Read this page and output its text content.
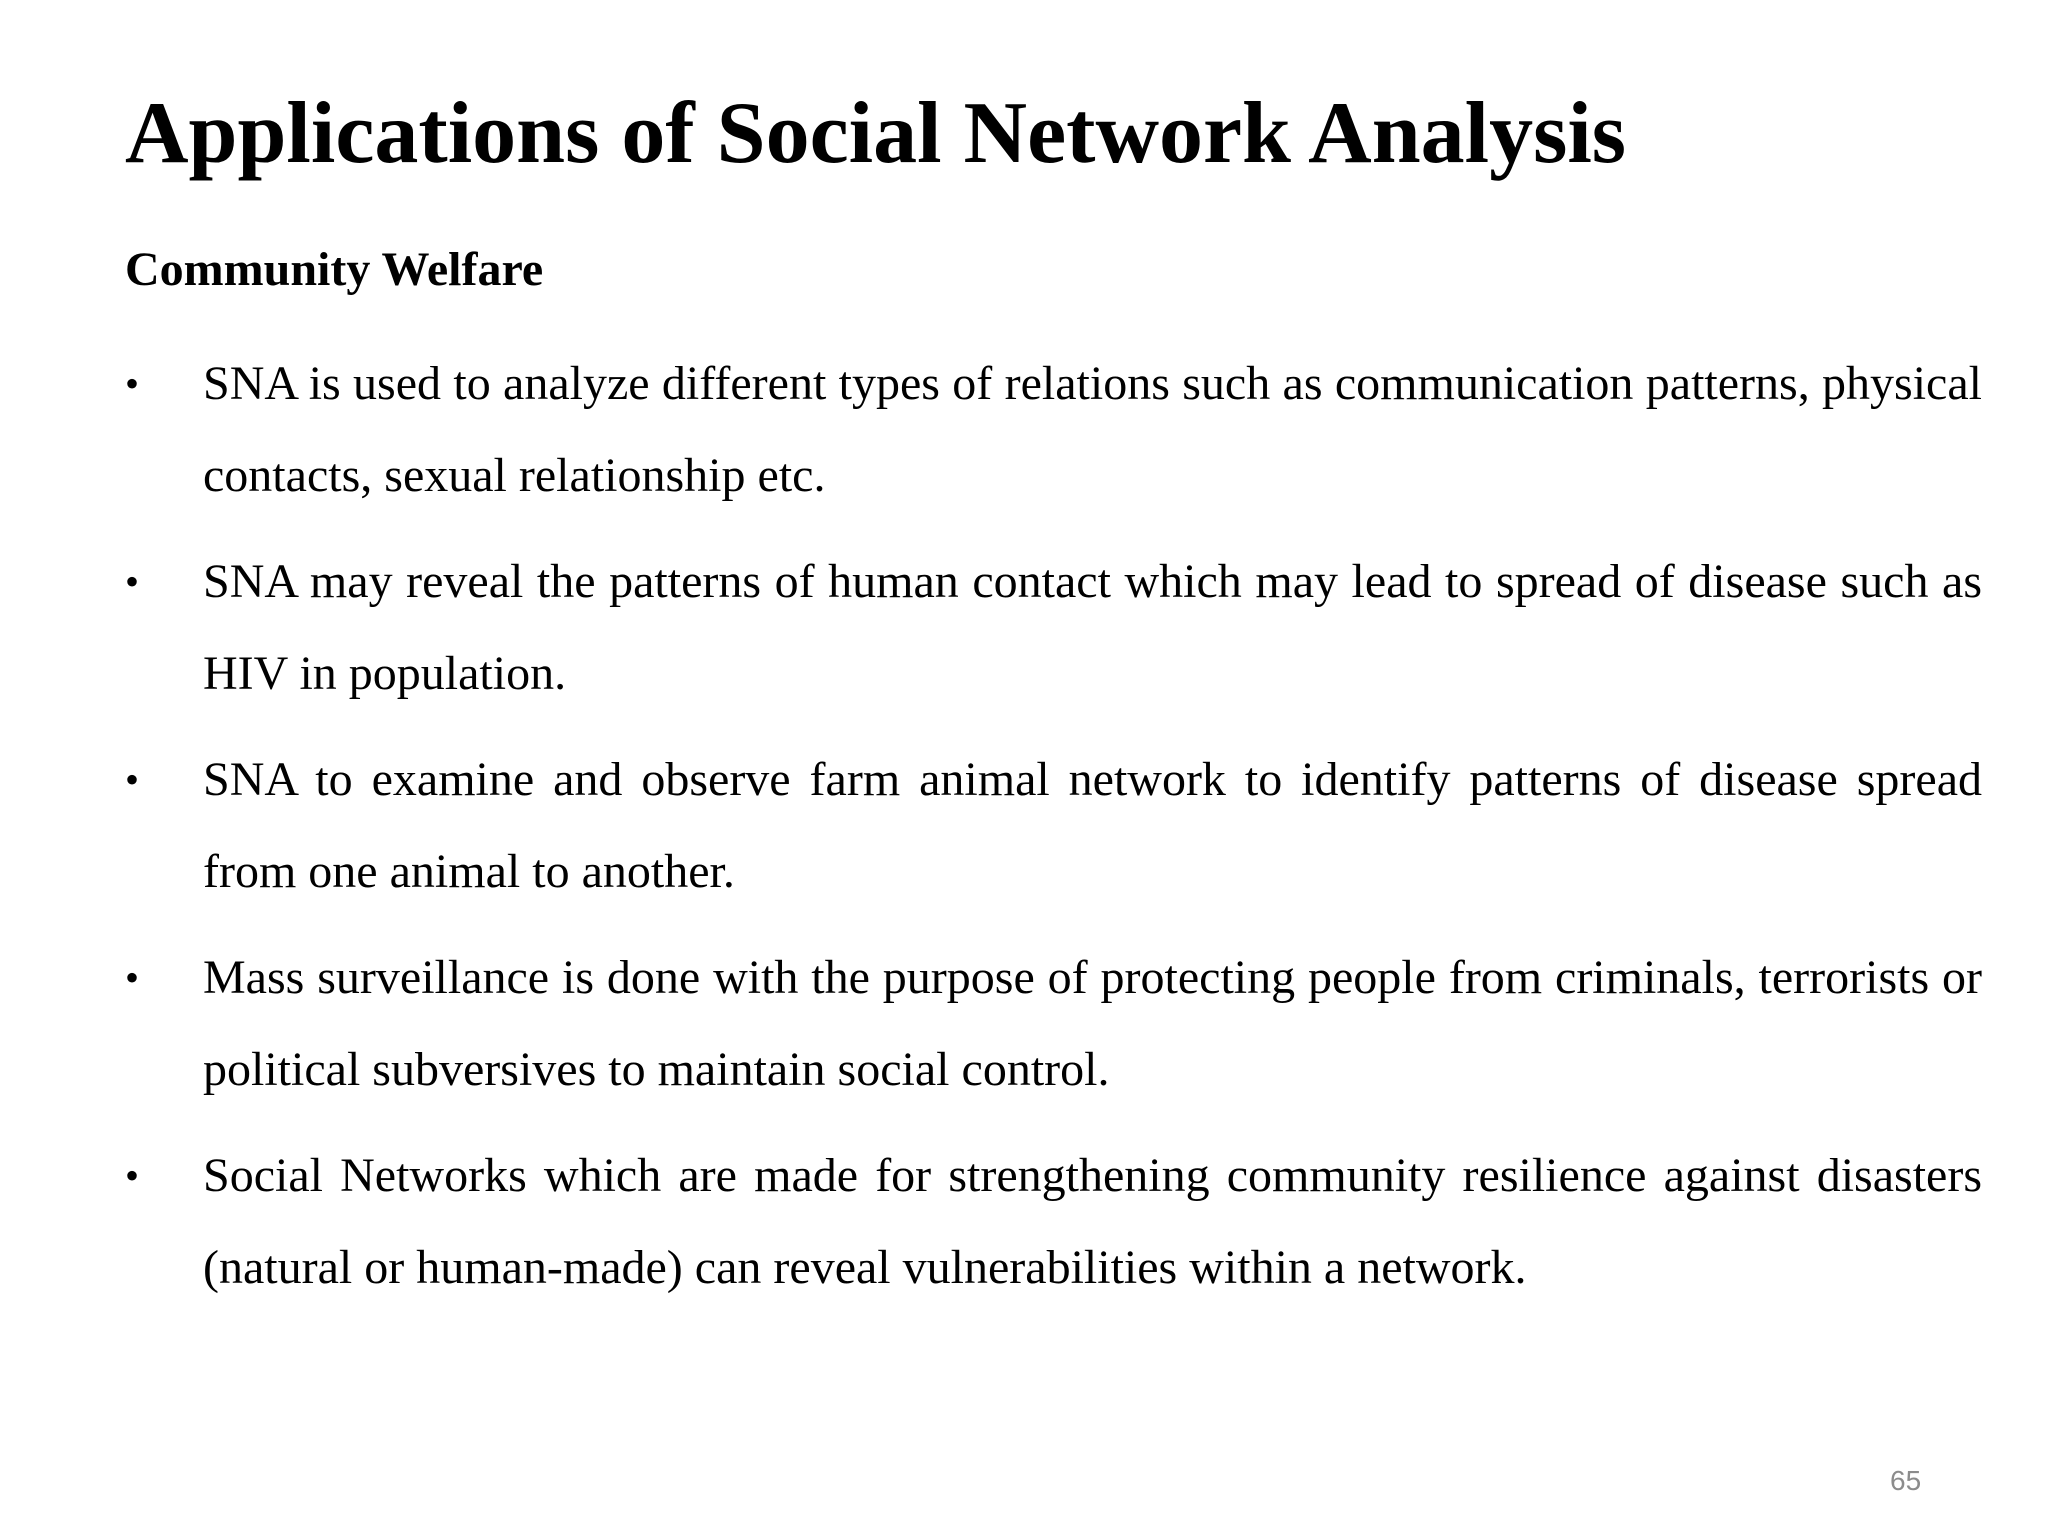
Applications of Social Network Analysis
Community Welfare
• SNA is used to analyze different types of relations such as communication patterns, physical contacts, sexual relationship etc.
• SNA may reveal the patterns of human contact which may lead to spread of disease such as HIV in population.
• SNA to examine and observe farm animal network to identify patterns of disease spread from one animal to another.
• Mass surveillance is done with the purpose of protecting people from criminals, terrorists or political subversives to maintain social control.
• Social Networks which are made for strengthening community resilience against disasters (natural or human-made) can reveal vulnerabilities within a network.
65
